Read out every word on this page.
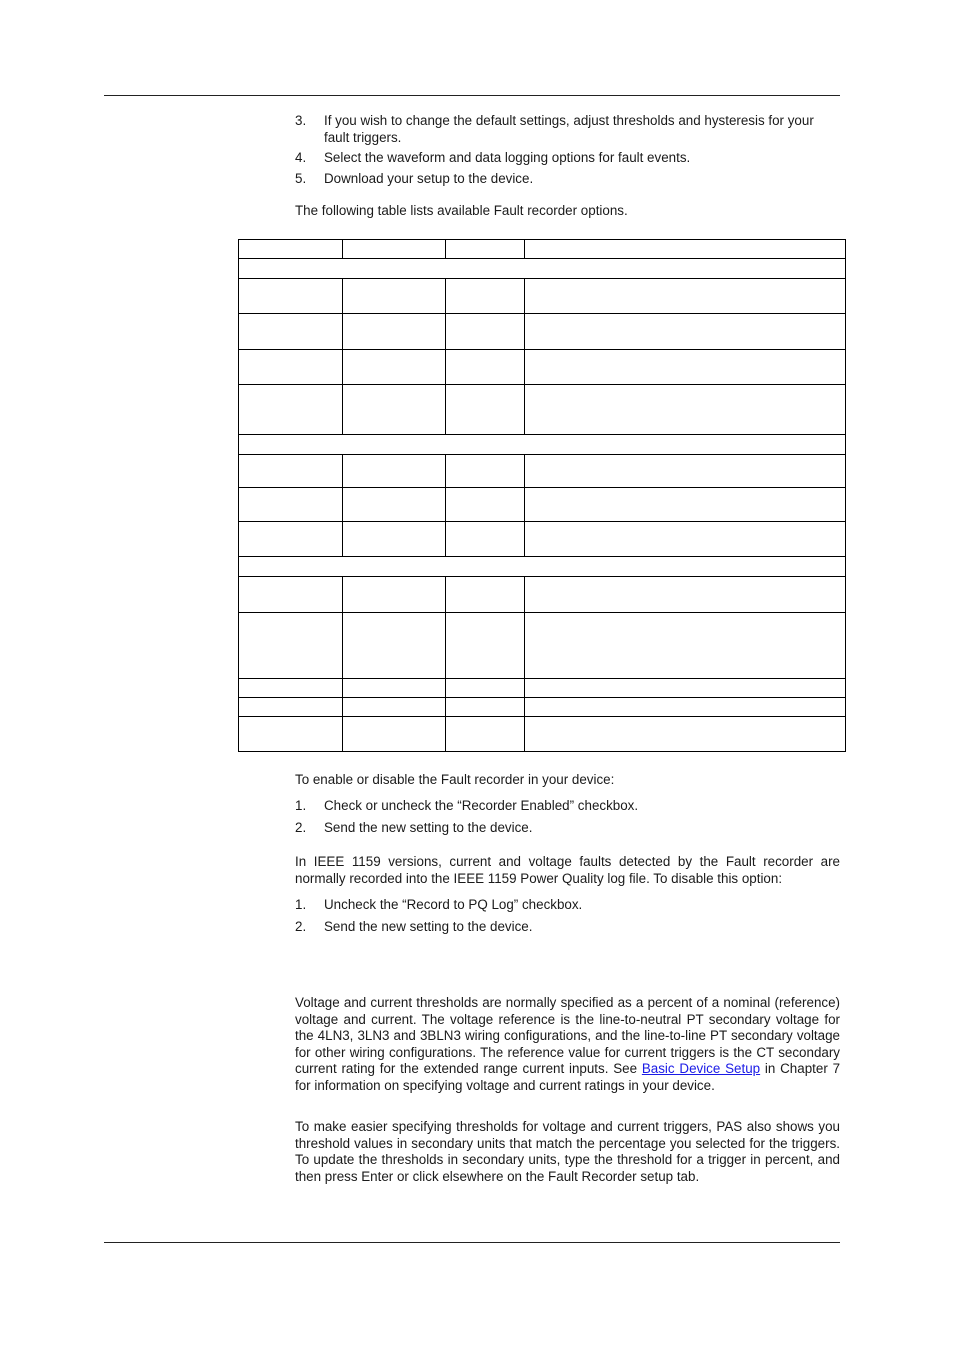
3. If you wish to change the default settings, adjust thresholds and hysteresis for your fault triggers.
4. Select the waveform and data logging options for fault events.
5. Download your setup to the device.

The following table lists available Fault recorder options.

To enable or disable the Fault recorder in your device:

1. Check or uncheck the “Recorder Enabled” checkbox.
2. Send the new setting to the device.

In IEEE 1159 versions, current and voltage faults detected by the Fault recorder are normally recorded into the IEEE 1159 Power Quality log file. To disable this option:

1. Uncheck the “Record to PQ Log” checkbox.
2. Send the new setting to the device.

Voltage and current thresholds are normally specified as a percent of a nominal (reference) voltage and current. The voltage reference is the line-to-neutral PT secondary voltage for the 4LN3, 3LN3 and 3BLN3 wiring configurations, and the line-to-line PT secondary voltage for other wiring configurations. The reference value for current triggers is the CT secondary current rating for the extended range current inputs. See Basic Device Setup in Chapter 7 for information on specifying voltage and current ratings in your device.

To make easier specifying thresholds for voltage and current triggers, PAS also shows you threshold values in secondary units that match the percentage you selected for the triggers. To update the thresholds in secondary units, type the threshold for a trigger in percent, and then press Enter or click elsewhere on the Fault Recorder setup tab.
